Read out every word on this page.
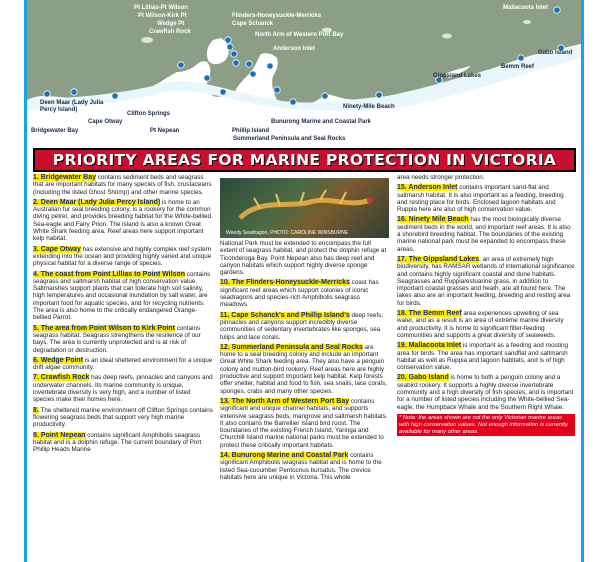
Mallacoota Inlet
Pt Lillias-Pt Wilson
Pt Wilson-Kirk Pt
Wedge Pt
Crawfish Rock
Flinders-Honeysuckle-Merricks
Cape Schanck
North Arm of Western Port Bay
Anderson Inlet
Gabo Island
Bemm Reef
Gippsland Lakes
Ninety-Mile Beach
Deen Maar (Lady Julia Percy Island)
Clifton Springs
Cape Otway
Bridgewater Bay	Pt Nepean	Phillip Island
Bunurong Marine and Coastal Park
Summerland Peninsula and Seal Rocks
PRIORITY AREAS FOR MARINE PROTECTION IN VICTORIA
Weedy Seadragon, PHOTO: CAROLINE WINSBURNE

1. Bridgewater Bay contains sediment beds and seagrass that are important habitats for many species of fish, crustaceans (including the listed Ghost Shrimp) and other marine species.

2. Deen Maar (Lady Julia Percy Island) is home to an Australian fur seal breeding colony, is a rookery for the common diving petrel, and provides breeding habitat for the White-bellied Sea-eagle and Fairy Prion. The island is also a known Great White Shark feeding area. Reef areas here support important kelp habitat.

3. Cape Otway has extensive and highly complex reef system extending into the ocean and providing highly varied and unique physical habitat for a diverse range of species.

4. The coast from Point Lillias to Point Wilson contains seagrass and saltmarsh habitat of high conservation value. Saltmarshes support plants that can tolerate high soil salinity, high temperatures and occasional inundation by salt water, are important food for aquatic species, and for recycling nutrients. The area is also home to the critically endangered Orange-bellied Parrot.

5. The area from Point Wilson to Kirk Point contains seagrass habitat. Seagrass strengthens the resilience of our bays. The area is currently unprotected and is at risk of degradation or destruction.

6. Wedge Point is an ideal sheltered environment for a unique drift algae community.

7. Crawfish Rock has deep reefs, pinnacles and canyons and underwater channels. Its marine community is unique, invertebrate diversity is very high, and a number of listed species make their homes here.

8. The sheltered marine environment off Clifton Springs contains flowering seagrass beds that support very high marine productivity.

9. Point Nepean contains significant Amphibolis seagrass habitat and is a dolphin refuge. The current boundary of Port Phillip Heads Marine

National Park must be extended to encompass the full extent of seagrass habitat, and protect the dolphin refuge at Ticonderoga Bay. Point Nepean also has deep reef and canyon habitats which support highly diverse sponge gardens.

10. The Flinders-Honeysuckle-Merricks coast has significant reef areas which support colonies of iconic seadragons and species-rich Amphibolis seagrass meadows.

11. Cape Schanck's and Phillip Island's deep reefs, pinnacles and canyons support incredibly diverse communities of sedentary invertebrates like sponges, sea tulips and lace corals.

12. Summerland Peninsula and Seal Rocks are home to a seal breeding colony and include an important Great White Shark feeding area. They also have a penguin colony and mutton-bird rookery. Reef areas here are highly productive and support important kelp habitat. Kelp forests offer shelter, habitat and food to fish, sea snails, lace corals, sponges, crabs and many other species.

13. The North Arm of Western Port Bay contains significant and unique channel habitats, and supports extensive seagrass beds, mangrove and saltmarsh habitats. It also contains the Barrellier Island bird roost. The boundaries of the existing French Island, Yaringa and Churchill Island marine national parks must be extended to protect these critically important habitats.

14. Bunurong Marine and Coastal Park contains significant Amphibolis seagrass habitat and is home to the listed Sea-cucumber Pentocnus bursatus. The crevice habitats here are unique in Victoria. This whole

area needs stronger protection.

15. Anderson Inlet contains important sand-flat and saltmarsh habitat. It is also important as a feeding, breeding and resting place for birds. Enclosed lagoon habitats and Ruppia here are also of high conservation value.

16. Ninety Mile Beach has the most biologically diverse sediment beds in the world, and important reef areas. It is also a shorebird breeding habitat. The boundaries of the existing marine national park must be expanded to encompass these areas.

17. The Gippsland Lakes, an area of extremely high biodiversity, has RAMSAR wetlands of international significance and contains highly significant coastal and dune habitats. Seagrasses and Ruppia/estuarine grass, in addition to important coastal grasses and heath, are all found here. The lakes also are an important feeding, breeding and resting area for birds.

18. The Bemm Reef area experiences upwelling of sea water, and as a result is an area of extreme marine diversity and productivity. It is home to significant filter-feeding communities and supports a great diversity of seaweeds.

19. Mallacoota Inlet is important as a feeding and roosting area for birds. The area has important sandflat and saltmarsh habitat as well as Ruppia and lagoon habitats, and is of high conservation value.

20. Gabo Island is home to both a penguin colony and a seabird rookery. It supports a highly diverse invertebrate community and a high diversity of fish species, and is important for a number of listed species including the White-bellied Sea-eagle, the Humpback Whale and the Southern Right Whale.

* Note: the areas shown are not the only Victorian marine areas with high conservation values. Not enough information is currently available for many other areas.
